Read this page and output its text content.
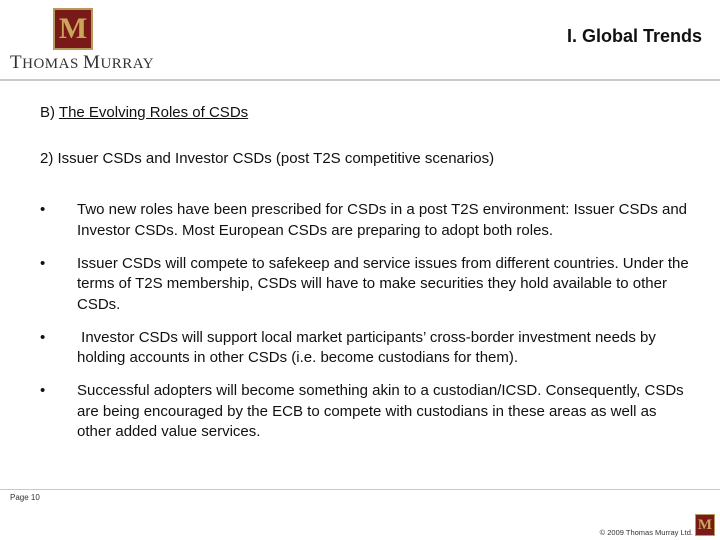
M
THOMAS MURRAY
I. Global Trends
B) The Evolving Roles of CSDs
2) Issuer CSDs and Investor CSDs (post T2S competitive scenarios)
• Two new roles have been prescribed for CSDs in a post T2S environment: Issuer CSDs and Investor CSDs. Most European CSDs are preparing to adopt both roles.
• Issuer CSDs will compete to safekeep and service issues from different countries. Under the terms of T2S membership, CSDs will have to make securities they hold available to other CSDs.
• Investor CSDs will support local market participants’ cross-border investment needs by holding accounts in other CSDs (i.e. become custodians for them).
• Successful adopters will become something akin to a custodian/ICSD. Consequently, CSDs are being encouraged by the ECB to compete with custodians in these areas as well as other added value services.
Page 10
© 2009 Thomas Murray Ltd. M
